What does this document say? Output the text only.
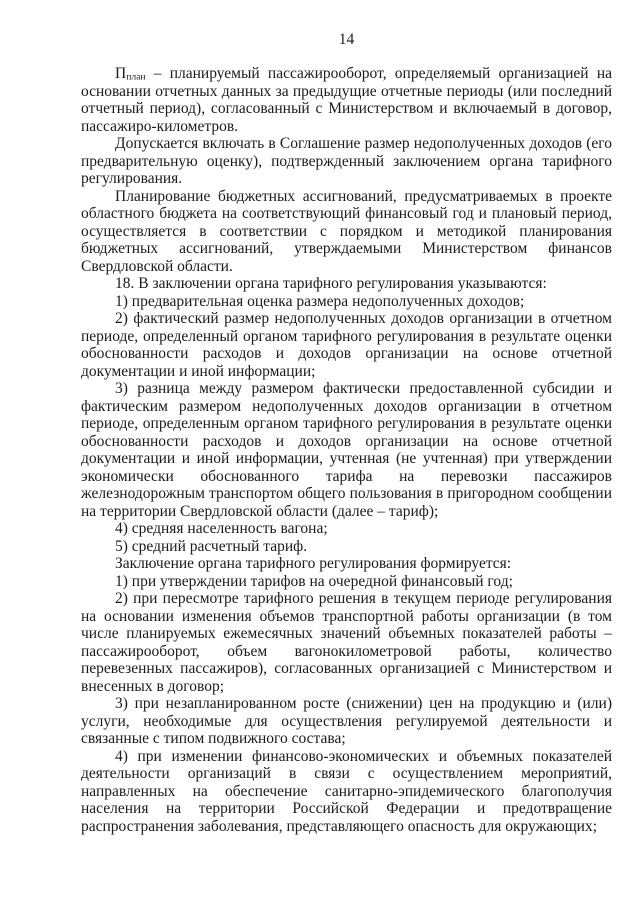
14

$П_{план}$ – планируемый пассажирооборот, определяемый организацией на основании отчетных данных за предыдущие отчетные периоды (или последний отчетный период), согласованный с Министерством и включаемый в договор, пассажиро-километров.

Допускается включать в Соглашение размер недополученных доходов (его предварительную оценку), подтвержденный заключением органа тарифного регулирования.

Планирование бюджетных ассигнований, предусматриваемых в проекте областного бюджета на соответствующий финансовый год и плановый период, осуществляется в соответствии с порядком и методикой планирования бюджетных ассигнований, утверждаемыми Министерством финансов Свердловской области.

18. В заключении органа тарифного регулирования указываются:

1) предварительная оценка размера недополученных доходов;

2) фактический размер недополученных доходов организации в отчетном периоде, определенный органом тарифного регулирования в результате оценки обоснованности расходов и доходов организации на основе отчетной документации и иной информации;

3) разница между размером фактически предоставленной субсидии и фактическим размером недополученных доходов организации в отчетном периоде, определенным органом тарифного регулирования в результате оценки обоснованности расходов и доходов организации на основе отчетной документации и иной информации, учтенная (не учтенная) при утверждении экономически обоснованного тарифа на перевозки пассажиров железнодорожным транспортом общего пользования в пригородном сообщении на территории Свердловской области (далее – тариф);

4) средняя населенность вагона;

5) средний расчетный тариф.

Заключение органа тарифного регулирования формируется:

1) при утверждении тарифов на очередной финансовый год;

2) при пересмотре тарифного решения в текущем периоде регулирования на основании изменения объемов транспортной работы организации (в том числе планируемых ежемесячных значений объемных показателей работы – пассажирооборот, объем вагонокилометровой работы, количество перевезенных пассажиров), согласованных организацией с Министерством и внесенных в договор;

3) при незапланированном росте (снижении) цен на продукцию и (или) услуги, необходимые для осуществления регулируемой деятельности и связанные с типом подвижного состава;

4) при изменении финансово-экономических и объемных показателей деятельности организаций в связи с осуществлением мероприятий, направленных на обеспечение санитарно-эпидемического благополучия населения на территории Российской Федерации и предотвращение распространения заболевания, представляющего опасность для окружающих;
